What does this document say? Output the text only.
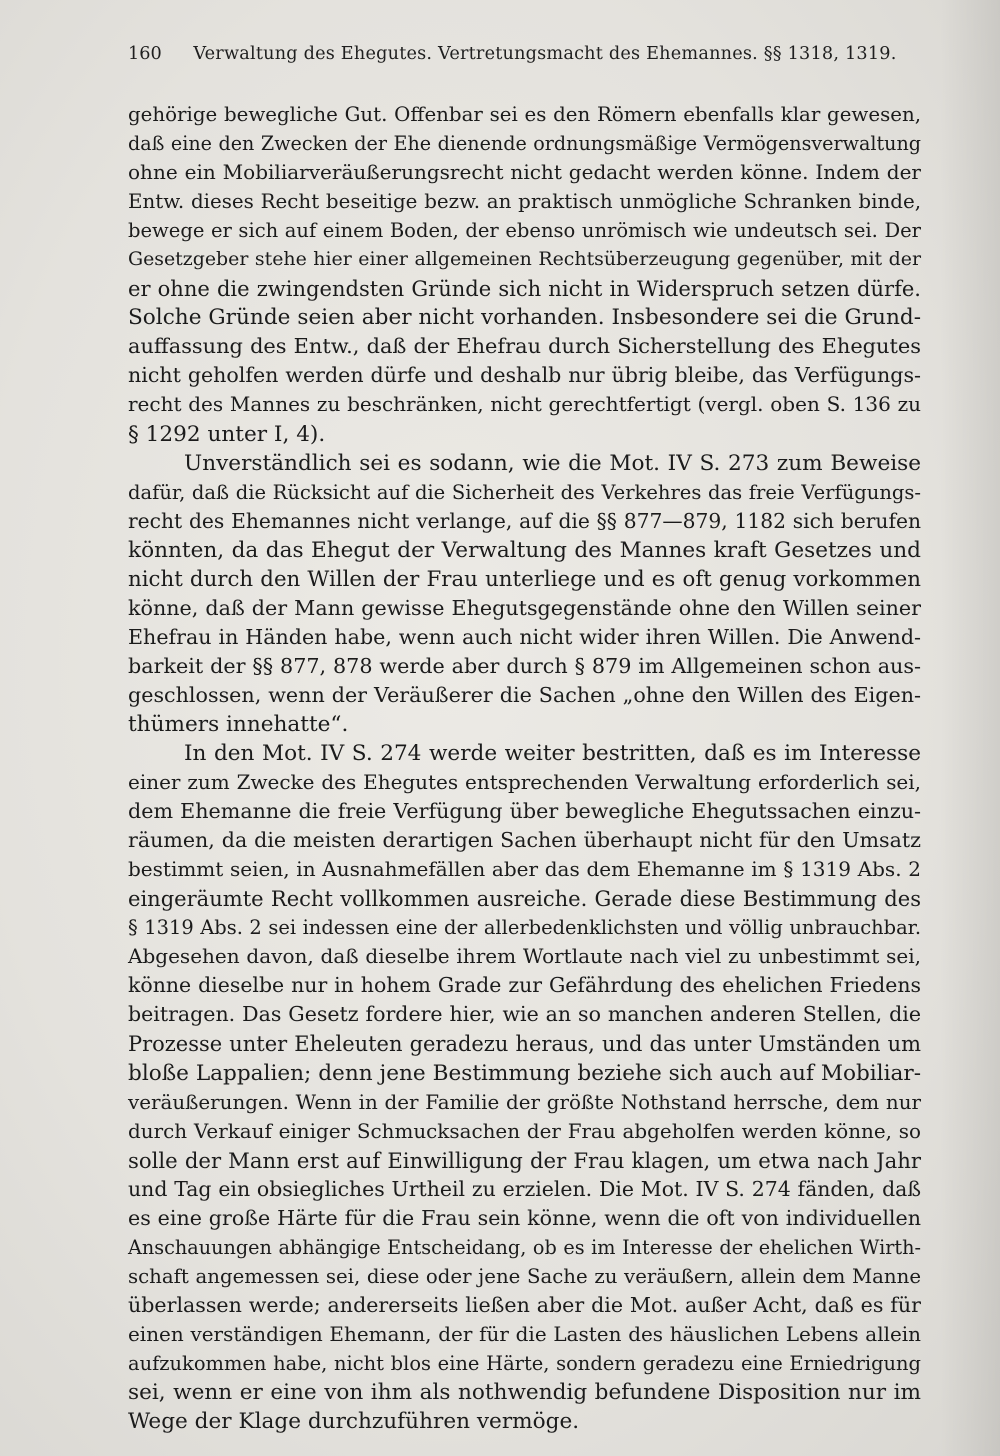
160 Verwaltung des Ehegutes. Vertretungsmacht des Ehemannes. §§ 1318, 1319.
gehörige bewegliche Gut. Offenbar sei es den Römern ebenfalls klar gewesen,
daß eine den Zwecken der Ehe dienende ordnungsmäßige Vermögensverwaltung
ohne ein Mobiliarveräußerungsrecht nicht gedacht werden könne. Indem der
Entw. dieses Recht beseitige bezw. an praktisch unmögliche Schranken binde,
bewege er sich auf einem Boden, der ebenso unrömisch wie undeutsch sei. Der
Gesetzgeber stehe hier einer allgemeinen Rechtsüberzeugung gegenüber, mit der
er ohne die zwingendsten Gründe sich nicht in Widerspruch setzen dürfe.
Solche Gründe seien aber nicht vorhanden. Insbesondere sei die Grund-
auffassung des Entw., daß der Ehefrau durch Sicherstellung des Ehegutes
nicht geholfen werden dürfe und deshalb nur übrig bleibe, das Verfügungs-
recht des Mannes zu beschränken, nicht gerechtfertigt (vergl. oben S. 136 zu
§ 1292 unter I, 4).
Unverständlich sei es sodann, wie die Mot. IV S. 273 zum Beweise
dafür, daß die Rücksicht auf die Sicherheit des Verkehres das freie Verfügungs-
recht des Ehemannes nicht verlange, auf die §§ 877—879, 1182 sich berufen
könnten, da das Ehegut der Verwaltung des Mannes kraft Gesetzes und
nicht durch den Willen der Frau unterliege und es oft genug vorkommen
könne, daß der Mann gewisse Ehegutsgegenstände ohne den Willen seiner
Ehefrau in Händen habe, wenn auch nicht wider ihren Willen. Die Anwend-
barkeit der §§ 877, 878 werde aber durch § 879 im Allgemeinen schon aus-
geschlossen, wenn der Veräußerer die Sachen „ohne den Willen des Eigen-
thümers innehatte“.
In den Mot. IV S. 274 werde weiter bestritten, daß es im Interesse
einer zum Zwecke des Ehegutes entsprechenden Verwaltung erforderlich sei,
dem Ehemanne die freie Verfügung über bewegliche Ehegutssachen einzu-
räumen, da die meisten derartigen Sachen überhaupt nicht für den Umsatz
bestimmt seien, in Ausnahmefällen aber das dem Ehemanne im § 1319 Abs. 2
eingeräumte Recht vollkommen ausreiche. Gerade diese Bestimmung des
§ 1319 Abs. 2 sei indessen eine der allerbedenklichsten und völlig unbrauchbar.
Abgesehen davon, daß dieselbe ihrem Wortlaute nach viel zu unbestimmt sei,
könne dieselbe nur in hohem Grade zur Gefährdung des ehelichen Friedens
beitragen. Das Gesetz fordere hier, wie an so manchen anderen Stellen, die
Prozesse unter Eheleuten geradezu heraus, und das unter Umständen um
bloße Lappalien; denn jene Bestimmung beziehe sich auch auf Mobiliar-
veräußerungen. Wenn in der Familie der größte Nothstand herrsche, dem nur
durch Verkauf einiger Schmucksachen der Frau abgeholfen werden könne, so
solle der Mann erst auf Einwilligung der Frau klagen, um etwa nach Jahr
und Tag ein obsiegliches Urtheil zu erzielen. Die Mot. IV S. 274 fänden, daß
es eine große Härte für die Frau sein könne, wenn die oft von individuellen
Anschauungen abhängige Entscheidang, ob es im Interesse der ehelichen Wirth-
schaft angemessen sei, diese oder jene Sache zu veräußern, allein dem Manne
überlassen werde; andererseits ließen aber die Mot. außer Acht, daß es für
einen verständigen Ehemann, der für die Lasten des häuslichen Lebens allein
aufzukommen habe, nicht blos eine Härte, sondern geradezu eine Erniedrigung
sei, wenn er eine von ihm als nothwendig befundene Disposition nur im
Wege der Klage durchzuführen vermöge.
